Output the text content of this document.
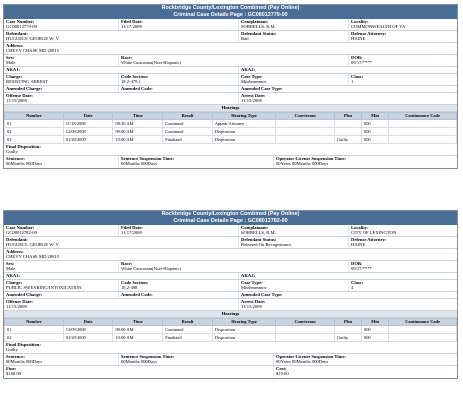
Rockbridge County/Lexington Combined (Pay Online)
Criminal Case Details Page : GC08012779-00
Case Number:
GC08012779-00
Filed Date:
11/17/2008
Complainant:
SORRELLS, R.M.
Locality:
COMMONWEALTH OF VA
Defendant:
HUGUELY, GEORGE W; V
Defendant Status:
Bail
Defense Attorney:
HAINE
Address:
CHEVY CHASE MD 20815
Sex:
Male
Race:
White Caucasian(Non-Hispanic)
DOB:
09/17/****
AKA1:	AKA2:
Charge:
RESISTING ARREST
Code Section:
18.2-479.1
Case Type:
Misdemeanor
Class:
1
Amended Charge:	Amended Code:	Amended Case Type:
Offense Date:
11/15/2008
Arrest Date:
11/15/2008
Hearings
Number	Date	Time	Result	Hearing Type	Courtroom	Plea	Min	Continuance Code
01	11/18/2008	08:30 AM	Continued	Appear Attorney			000	
02	12/09/2008	09:00 AM	Continued	Disposition			000	
03	01/20/2009	10:00 AM	Finalized	Disposition		Guilty	000	
Final Disposition:
Guilty
Sentence:
00Months 000Days
Sentence Suspension Time:
00Months 000Days
Operator License Suspension Time:
00Years 00Months 000Days
Rockbridge County/Lexington Combined (Pay Online)
Criminal Case Details Page : GC08012782-00
Case Number:
GC08012782-00
Filed Date:
11/17/2008
Complainant:
SORRELLS, R.M.
Locality:
CITY OF LEXINGTON
Defendant:
HUGUELY, GEORGE W; V
Defendant Status:
Released On Recognizance
Defense Attorney:
HAINE
Address:
CHEVY CHASE MD 20815
Sex:
Male
Race:
White Caucasian(Non-Hispanic)
DOB:
09/17/****
AKA1:	AKA2:
Charge:
PUBLIC SWEARING/INTOXICATION
Code Section:
18.2-388
Case Type:
Misdemeanor
Class:
4
Amended Charge:	Amended Code:	Amended Case Type:
Offense Date:
11/15/2008
Arrest Date:
11/15/2008
Hearings
Number	Date	Time	Result	Hearing Type	Courtroom	Plea	Min	Continuance Code
01	12/09/2008	09:00 AM	Continued	Disposition			000	
02	01/20/2009	10:00 AM	Finalized	Disposition		Guilty	000	
Final Disposition:
Guilty
Sentence:
00Months 000Days
Sentence Suspension Time:
00Months 000Days
Operator License Suspension Time:
00Years 00Months 000Days
Fine:
$100.00
Cost:
$10.00
